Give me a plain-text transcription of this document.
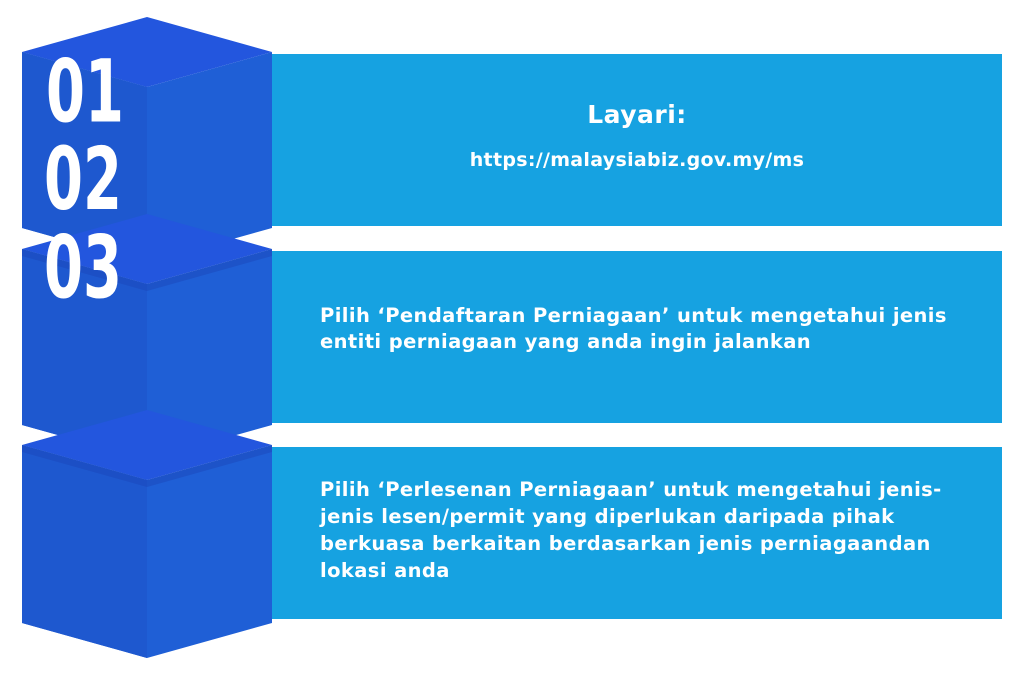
01
02
03
Layari:
https://malaysiabiz.gov.my/ms
Pilih ‘Pendaftaran Perniagaan’ untuk mengetahui jenis entiti perniagaan yang anda ingin jalankan
Pilih ‘Perlesenan Perniagaan’ untuk mengetahui jenis-jenis lesen/permit yang diperlukan daripada pihak berkuasa berkaitan berdasarkan jenis perniagaandan lokasi anda
